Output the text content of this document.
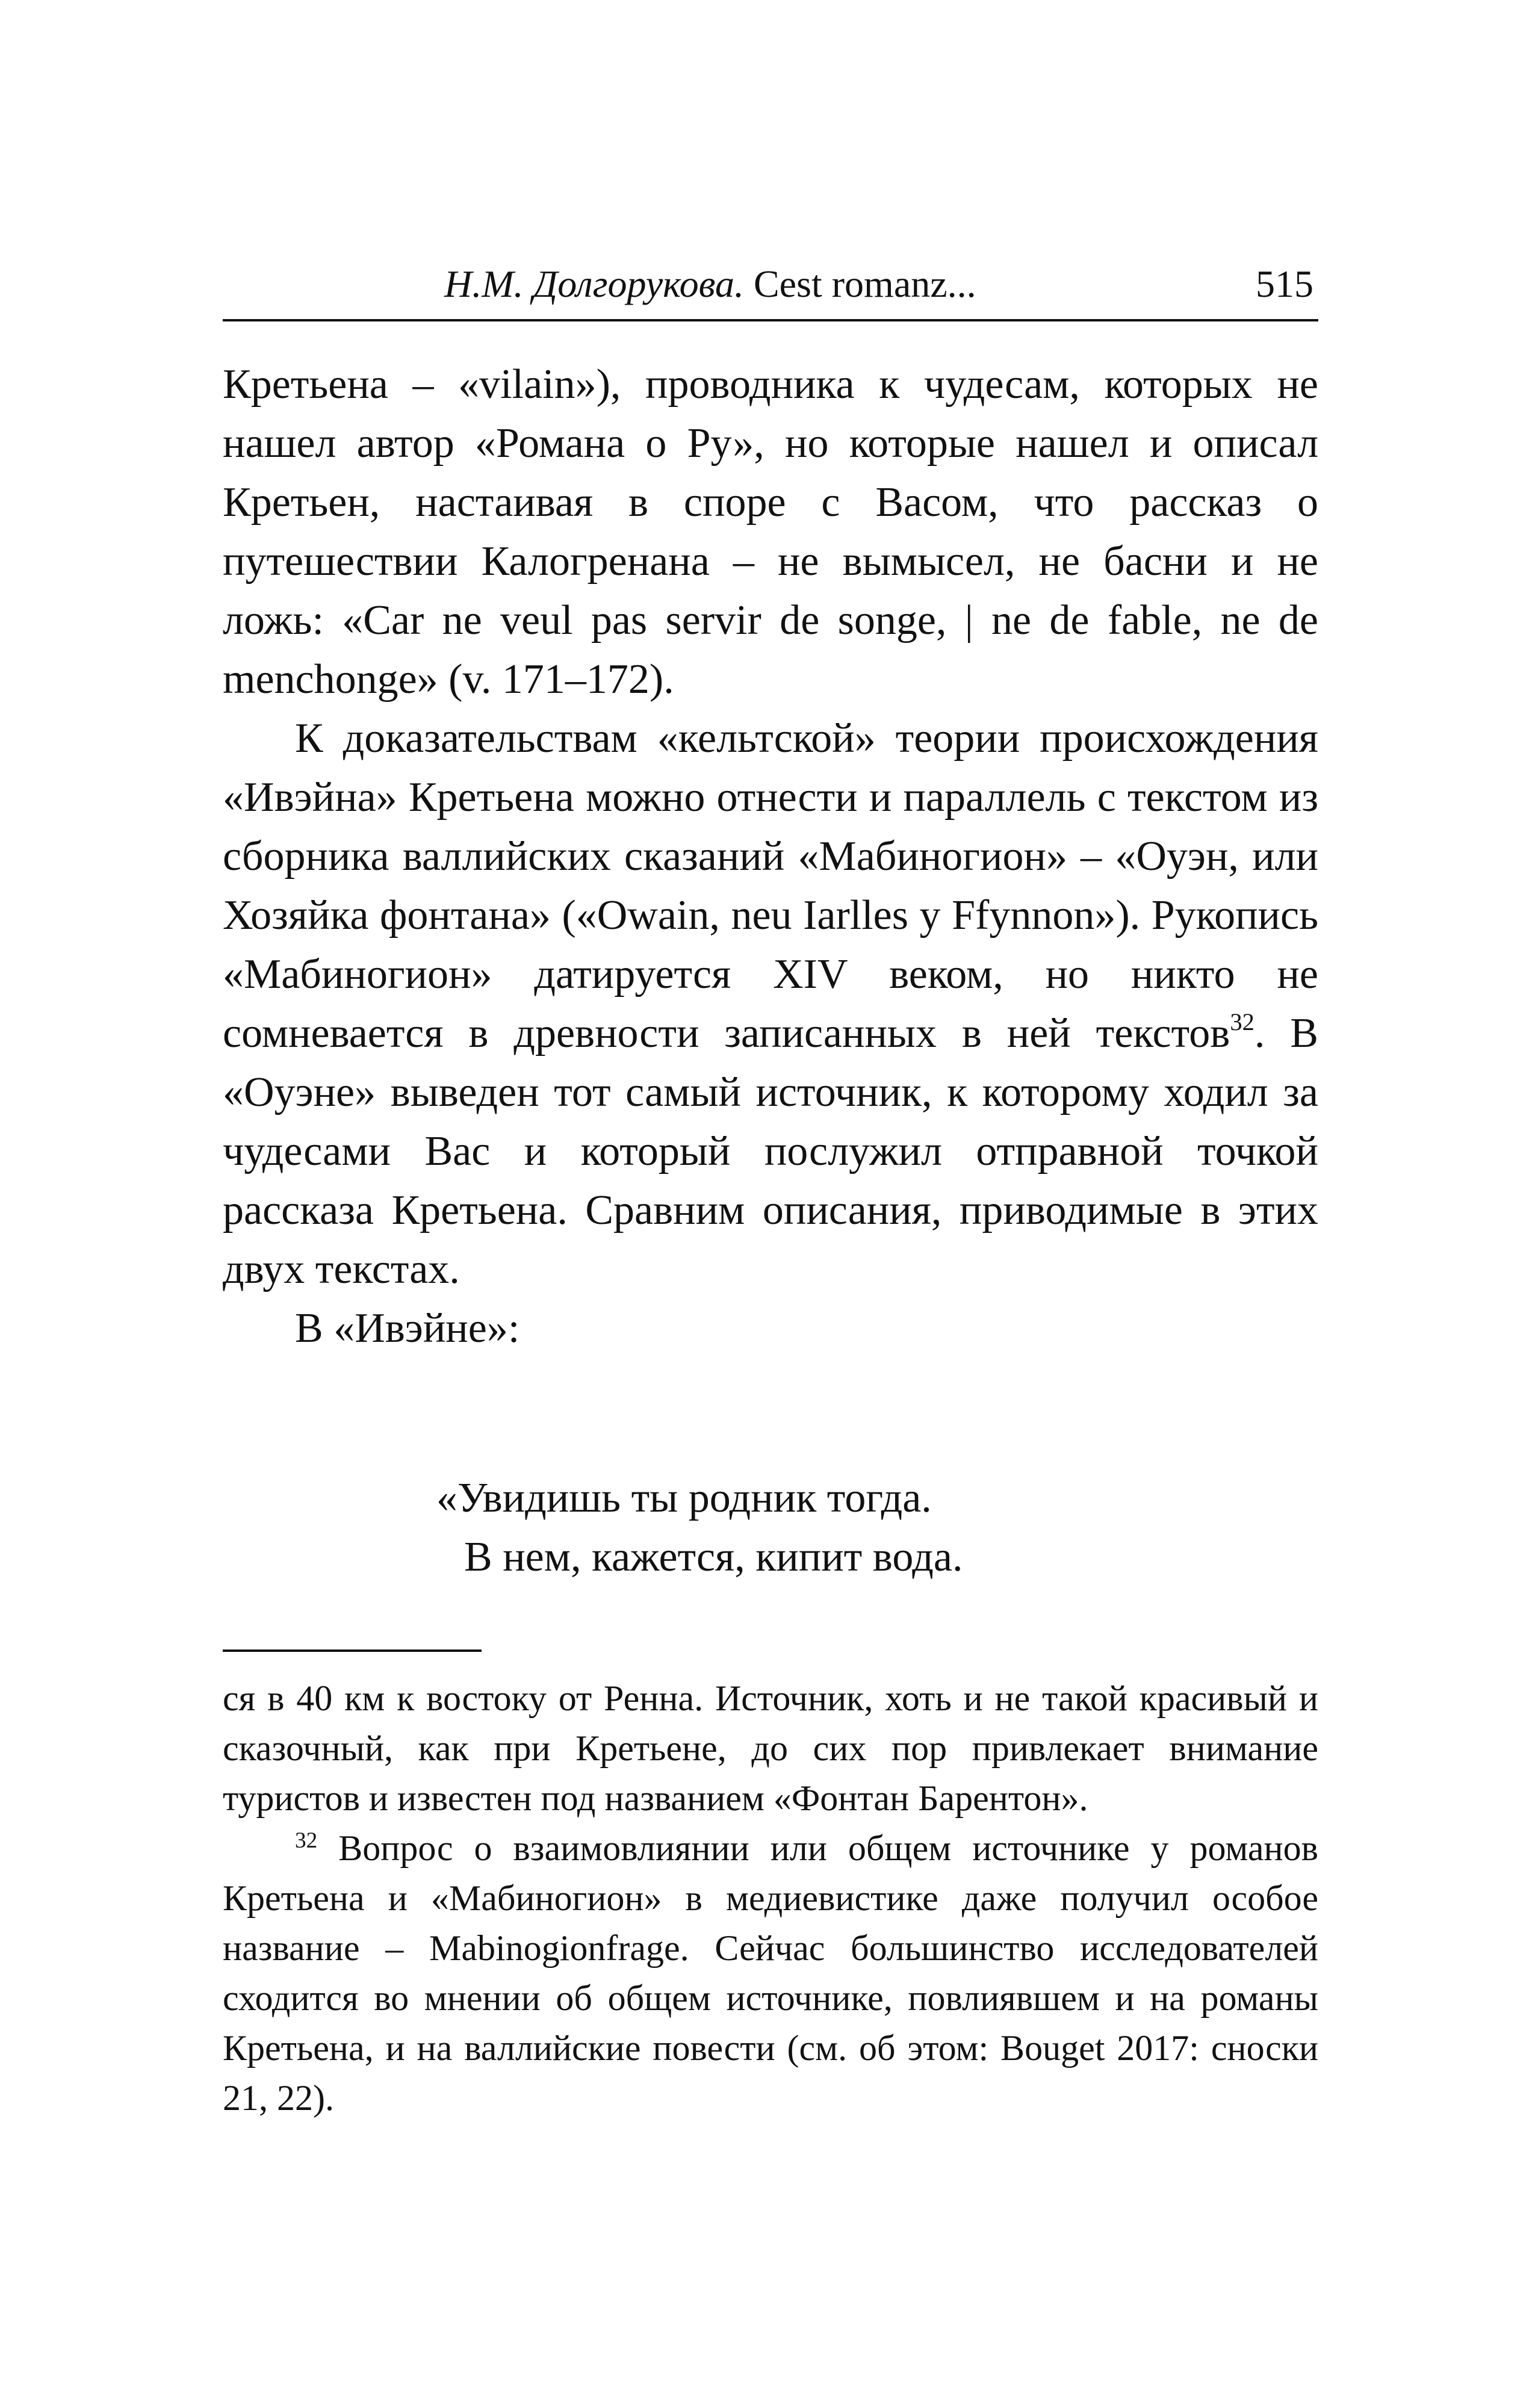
Н.М. Долгорукова. Cest romanz...	515

Кретьена – «vilain»), проводника к чудесам, которых не нашел автор «Романа о Ру», но которые нашел и описал Кретьен, настаивая в споре с Васом, что рассказ о путешествии Калогренана – не вымысел, не басни и не ложь: «Car ne veul pas servir de songe, | ne de fable, ne de menchonge» (v. 171–172).

К доказательствам «кельтской» теории происхождения «Ивэйна» Кретьена можно отнести и параллель с текстом из сборника валлийских сказаний «Мабиногион» – «Оуэн, или Хозяйка фонтана» («Owain, neu Iarlles y Ffynnon»). Рукопись «Мабиногион» датируется XIV веком, но никто не сомневается в древности записанных в ней текстов$^{32}$. В «Оуэне» выведен тот самый источник, к которому ходил за чудесами Вас и который послужил отправной точкой рассказа Кретьена. Сравним описания, приводимые в этих двух текстах.

В «Ивэйне»:

«Увидишь ты родник тогда.
В нем, кажется, кипит вода.

ся в 40 км к востоку от Ренна. Источник, хоть и не такой красивый и сказочный, как при Кретьене, до сих пор привлекает внимание туристов и известен под названием «Фонтан Барентон».

$^{32}$ Вопрос о взаимовлиянии или общем источнике у романов Кретьена и «Мабиногион» в медиевистике даже получил особое название – Mabinogionfrage. Сейчас большинство исследователей сходится во мнении об общем источнике, повлиявшем и на романы Кретьена, и на валлийские повести (см. об этом: Bouget 2017: сноски 21, 22).
